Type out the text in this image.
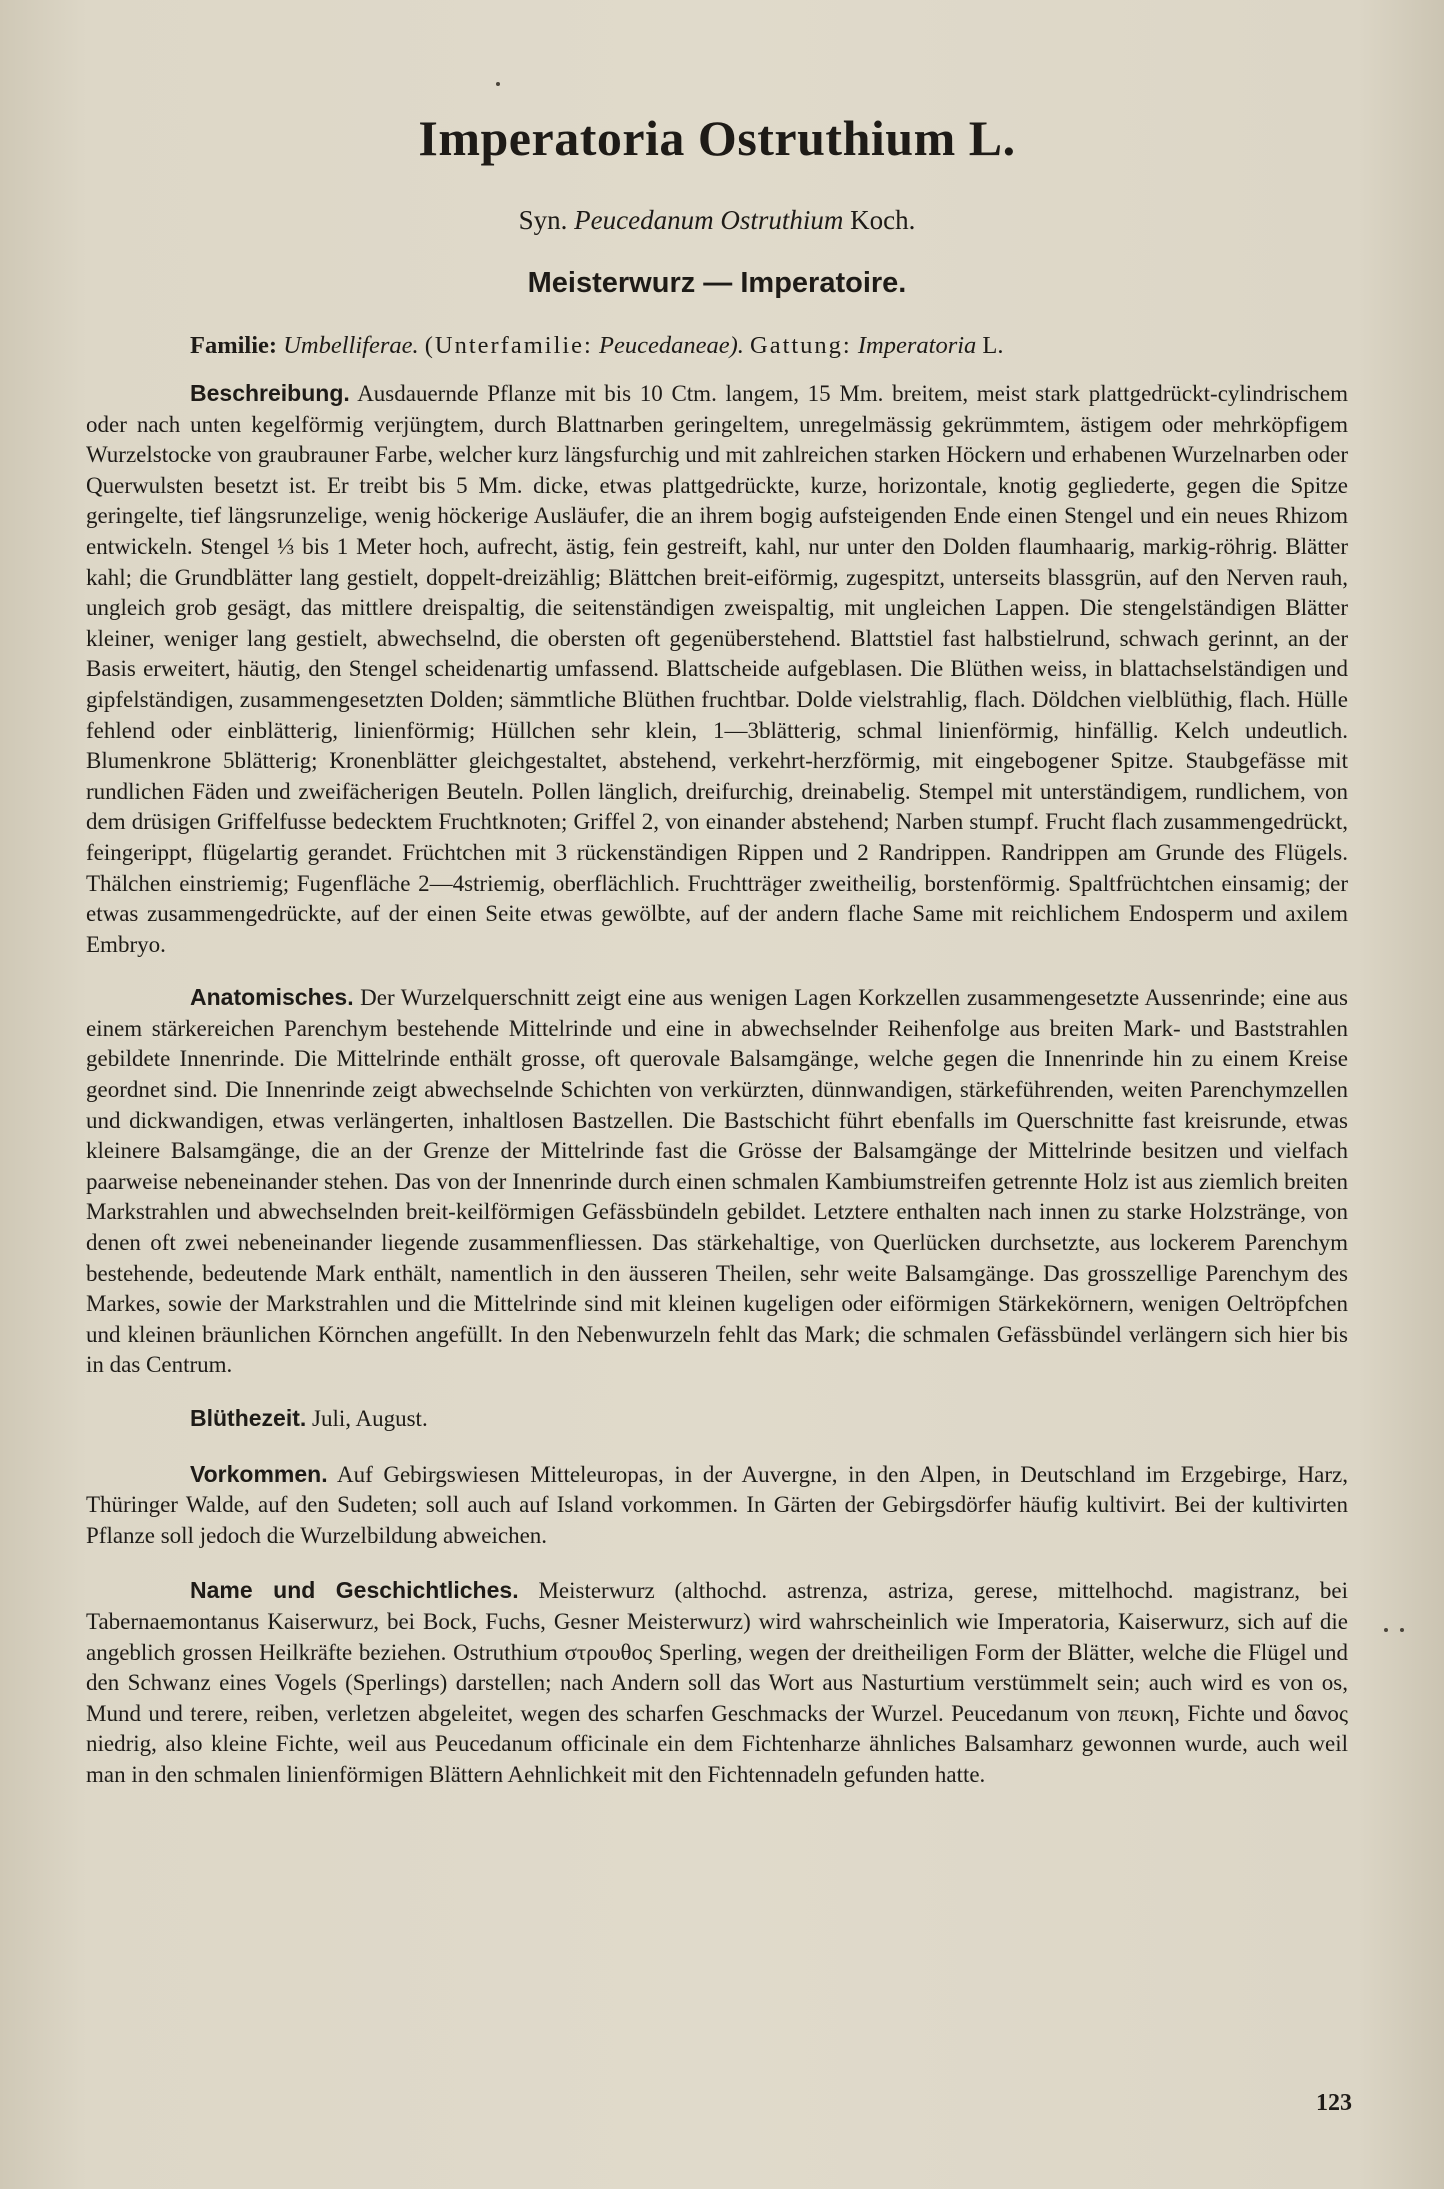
Imperatoria Ostruthium L.
Syn. Peucedanum Ostruthium Koch.
Meisterwurz — Imperatoire.
Familie: Umbelliferae. (Unterfamilie: Peucedaneae). Gattung: Imperatoria L.

Beschreibung. Ausdauernde Pflanze mit bis 10 Ctm. langem, 15 Mm. breitem, meist stark plattgedrückt-cylindrischem oder nach unten kegelförmig verjüngtem, durch Blattnarben geringeltem, unregelmässig gekrümmtem, ästigem oder mehrköpfigem Wurzelstocke von graubrauner Farbe, welcher kurz längsfurchig und mit zahlreichen starken Höckern und erhabenen Wurzelnarben oder Querwulsten besetzt ist. Er treibt bis 5 Mm. dicke, etwas plattgedrückte, kurze, horizontale, knotig gegliederte, gegen die Spitze geringelte, tief längsrunzelige, wenig höckerige Ausläufer, die an ihrem bogig aufsteigenden Ende einen Stengel und ein neues Rhizom entwickeln. Stengel ⅓ bis 1 Meter hoch, aufrecht, ästig, fein gestreift, kahl, nur unter den Dolden flaumhaarig, markig-röhrig. Blätter kahl; die Grundblätter lang gestielt, doppelt-dreizählig; Blättchen breit-eiförmig, zugespitzt, unterseits blassgrün, auf den Nerven rauh, ungleich grob gesägt, das mittlere dreispaltig, die seitenständigen zweispaltig, mit ungleichen Lappen. Die stengelständigen Blätter kleiner, weniger lang gestielt, abwechselnd, die obersten oft gegenüberstehend. Blattstiel fast halbstielrund, schwach gerinnt, an der Basis erweitert, häutig, den Stengel scheidenartig umfassend. Blattscheide aufgeblasen. Die Blüthen weiss, in blattachselständigen und gipfelständigen, zusammengesetzten Dolden; sämmtliche Blüthen fruchtbar. Dolde vielstrahlig, flach. Döldchen vielblüthig, flach. Hülle fehlend oder einblätterig, linienförmig; Hüllchen sehr klein, 1—3blätterig, schmal linienförmig, hinfällig. Kelch undeutlich. Blumenkrone 5blätterig; Kronenblätter gleichgestaltet, abstehend, verkehrt-herzförmig, mit eingebogener Spitze. Staubgefässe mit rundlichen Fäden und zweifächerigen Beuteln. Pollen länglich, dreifurchig, dreinabelig. Stempel mit unterständigem, rundlichem, von dem drüsigen Griffelfusse bedecktem Fruchtknoten; Griffel 2, von einander abstehend; Narben stumpf. Frucht flach zusammengedrückt, feingerippt, flügelartig gerandet. Früchtchen mit 3 rückenständigen Rippen und 2 Randrippen. Randrippen am Grunde des Flügels. Thälchen einstriemig; Fugenfläche 2—4striemig, oberflächlich. Fruchtträger zweitheilig, borstenförmig. Spaltfrüchtchen einsamig; der etwas zusammengedrückte, auf der einen Seite etwas gewölbte, auf der andern flache Same mit reichlichem Endosperm und axilem Embryo.

Anatomisches. Der Wurzelquerschnitt zeigt eine aus wenigen Lagen Korkzellen zusammengesetzte Aussenrinde; eine aus einem stärkereichen Parenchym bestehende Mittelrinde und eine in abwechselnder Reihenfolge aus breiten Mark- und Baststrahlen gebildete Innenrinde. Die Mittelrinde enthält grosse, oft querovale Balsamgänge, welche gegen die Innenrinde hin zu einem Kreise geordnet sind. Die Innenrinde zeigt abwechselnde Schichten von verkürzten, dünnwandigen, stärkeführenden, weiten Parenchymzellen und dickwandigen, etwas verlängerten, inhaltlosen Bastzellen. Die Bastschicht führt ebenfalls im Querschnitte fast kreisrunde, etwas kleinere Balsamgänge, die an der Grenze der Mittelrinde fast die Grösse der Balsamgänge der Mittelrinde besitzen und vielfach paarweise nebeneinander stehen. Das von der Innenrinde durch einen schmalen Kambiumstreifen getrennte Holz ist aus ziemlich breiten Markstrahlen und abwechselnden breit-keilförmigen Gefässbündeln gebildet. Letztere enthalten nach innen zu starke Holzstränge, von denen oft zwei nebeneinander liegende zusammenfliessen. Das stärkehaltige, von Querlücken durchsetzte, aus lockerem Parenchym bestehende, bedeutende Mark enthält, namentlich in den äusseren Theilen, sehr weite Balsamgänge. Das grosszellige Parenchym des Markes, sowie der Markstrahlen und die Mittelrinde sind mit kleinen kugeligen oder eiförmigen Stärkekörnern, wenigen Oeltröpfchen und kleinen bräunlichen Körnchen angefüllt. In den Nebenwurzeln fehlt das Mark; die schmalen Gefässbündel verlängern sich hier bis in das Centrum.

Blüthezeit. Juli, August.

Vorkommen. Auf Gebirgswiesen Mitteleuropas, in der Auvergne, in den Alpen, in Deutschland im Erzgebirge, Harz, Thüringer Walde, auf den Sudeten; soll auch auf Island vorkommen. In Gärten der Gebirgsdörfer häufig kultivirt. Bei der kultivirten Pflanze soll jedoch die Wurzelbildung abweichen.

Name und Geschichtliches. Meisterwurz (althochd. astrenza, astriza, gerese, mittelhochd. magistranz, bei Tabernaemontanus Kaiserwurz, bei Bock, Fuchs, Gesner Meisterwurz) wird wahrscheinlich wie Imperatoria, Kaiserwurz, sich auf die angeblich grossen Heilkräfte beziehen. Ostruthium στρουθος Sperling, wegen der dreitheiligen Form der Blätter, welche die Flügel und den Schwanz eines Vogels (Sperlings) darstellen; nach Andern soll das Wort aus Nasturtium verstümmelt sein; auch wird es von os, Mund und terere, reiben, verletzen abgeleitet, wegen des scharfen Geschmacks der Wurzel. Peucedanum von πευκη, Fichte und δανος niedrig, also kleine Fichte, weil aus Peucedanum officinale ein dem Fichtenharze ähnliches Balsamharz gewonnen wurde, auch weil man in den schmalen linienförmigen Blättern Aehnlichkeit mit den Fichtennadeln gefunden hatte.

123
